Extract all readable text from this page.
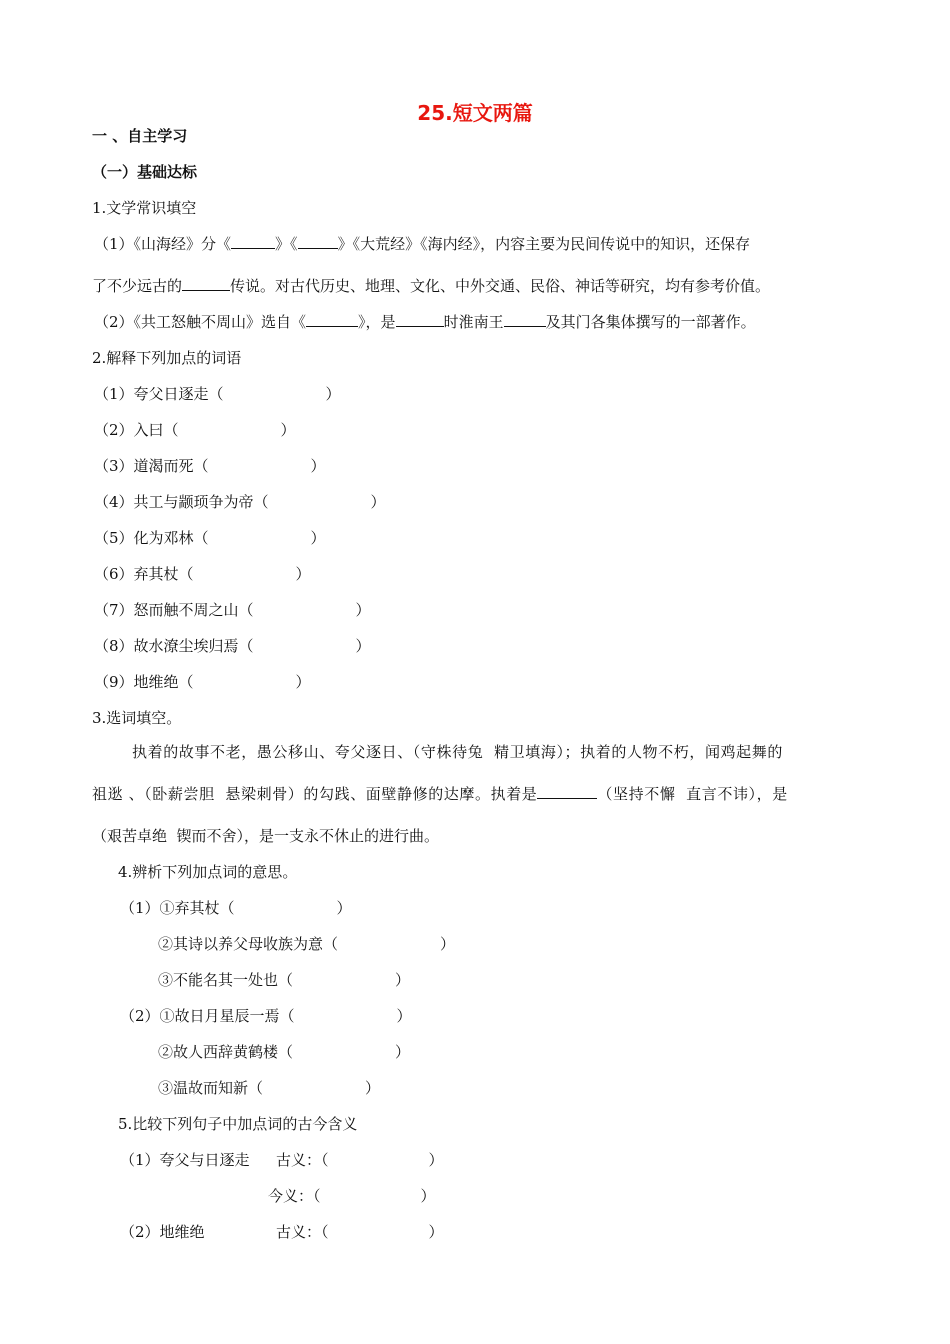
25.短文两篇
一 、自主学习
（一）基础达标
1.文学常识填空
（1）《山海经》分《	》《	》《大荒经》《海内经》，内容主要为民间传说中的知识，还保存
了不少远古的	传说。对古代历史、地理、文化、中外交通、民俗、神话等研究，均有参考价值。
（2）《共工怒触不周山》选自《	》，是	时淮南王	及其门各集体撰写的一部著作。
2.解释下列加点的词语
（1）夸父日逐走（	）
（2）入曰（	）
（3）道渴而死（	）
（4）共工与颛顼争为帝（	）
（5）化为邓林（	）
（6）弃其杖（	）
（7）怒而触不周之山（	）
（8）故水潦尘埃归焉（	）
（9）地维绝（	）
3.选词填空。
执着的故事不老，愚公移山、夸父逐日、（守株待兔  精卫填海）；执着的人物不朽，闻鸡起舞的
祖逖 、（卧薪尝胆  悬梁刺骨）的勾践、面壁静修的达摩。执着是	（坚持不懈  直言不讳），是
（艰苦卓绝  锲而不舍），是一支永不休止的进行曲。
4.辨析下列加点词的意思。
（1）①弃其杖（	）
②其诗以养父母收族为意（	）
③不能名其一处也（	）
（2）①故日月星辰一焉（	）
②故人西辞黄鹤楼（	）
③温故而知新（	）
5.比较下列句子中加点词的古今含义
（1）夸父与日逐走 古义：（	）
今义：（	）
（2）地维绝	古义：（	）
